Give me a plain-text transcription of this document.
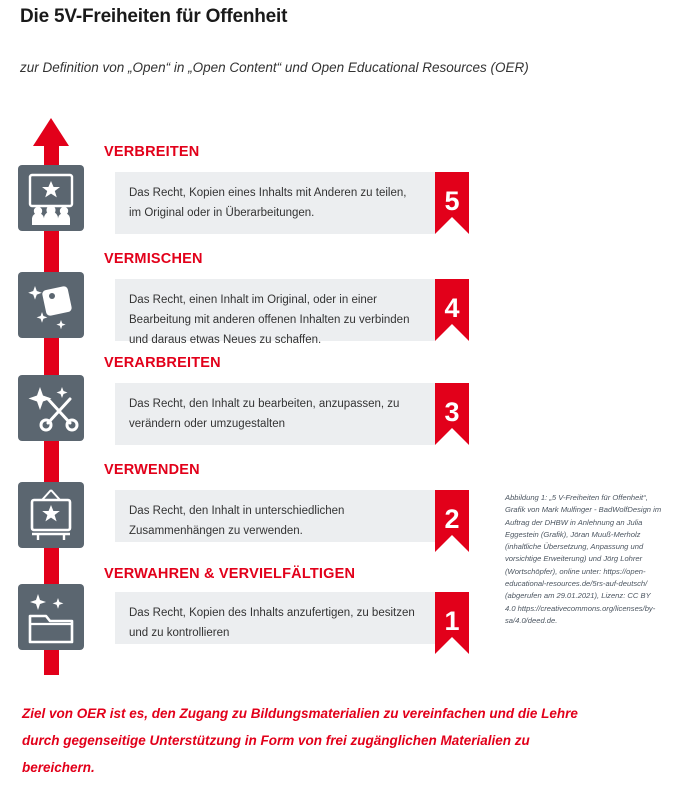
Die 5V-Freiheiten für Offenheit
zur Definition von „Open“ in „Open Content“ und Open Educational Resources (OER)
VERBREITEN
Das Recht, Kopien eines Inhalts mit Anderen zu teilen, im Original oder in Überarbeitungen.	5
VERMISCHEN
Das Recht, einen Inhalt im Original, oder in einer Bearbeitung mit anderen offenen Inhalten zu verbinden und daraus etwas Neues zu schaffen.
4
VERARBREITEN
Das Recht, den Inhalt zu bearbeiten, anzupassen, zu verändern oder umzugestalten	3
VERWENDEN
Das Recht, den Inhalt in unterschiedlichen Zusammenhängen zu verwenden.	2
VERWAHREN & VERVIELFÄLTIGEN
Das Recht, Kopien des Inhalts anzufertigen, zu besitzen und zu kontrollieren	1
Abbildung 1: „5 V-Freiheiten für Offenheit“, Grafik von Mark Mulfinger - BadWolfDesign im Auftrag der DHBW in Anlehnung an Julia Eggestein (Grafik), Jöran Muuß-Merholz (inhaltliche Übersetzung, Anpassung und vorsichtige Erweiterung) und Jörg Lohrer (Wortschöpfer), online unter: https://open-educational-resources.de/5rs-auf-deutsch/ (abgerufen am 29.01.2021), Lizenz: CC BY 4.0 https://creativecommons.org/licenses/by-sa/4.0/deed.de.
Ziel von OER ist es, den Zugang zu Bildungsmaterialien zu vereinfachen und die Lehre durch gegenseitige Unterstützung in Form von frei zugänglichen Materialien zu bereichern.
